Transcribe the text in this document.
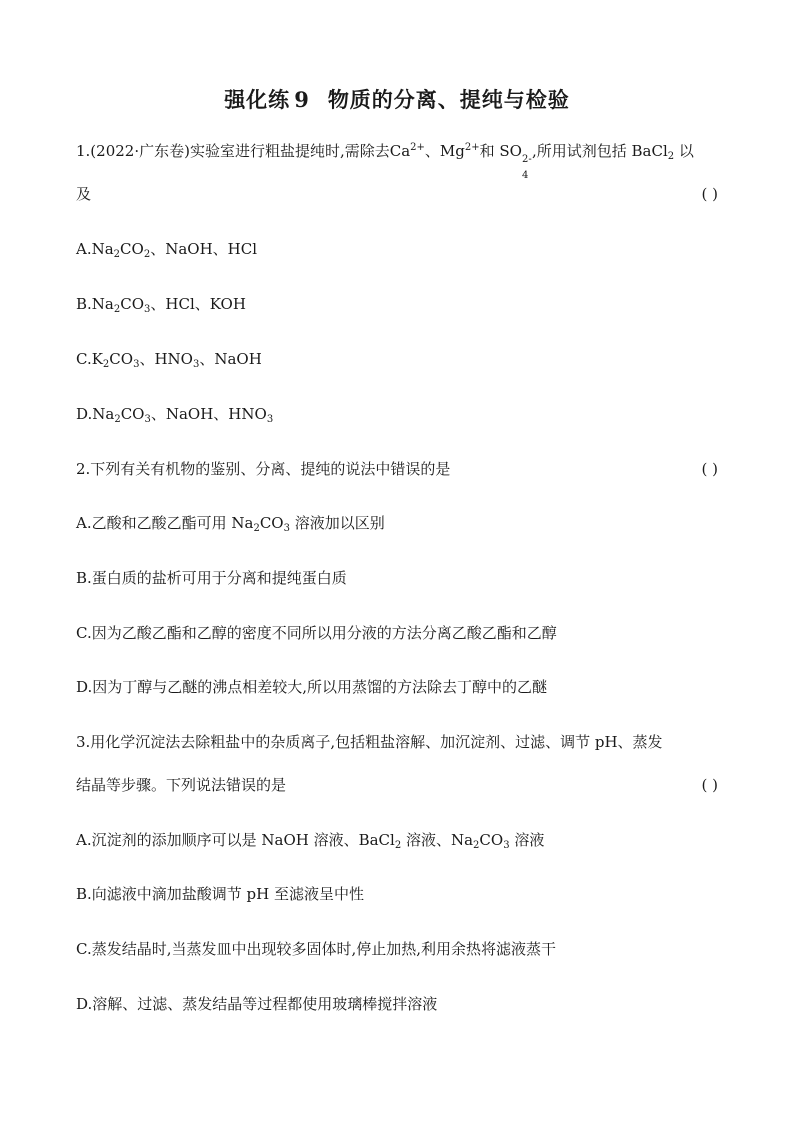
强化练 9 物质的分离、提纯与检验
1.(2022·广东卷)实验室进行粗盐提纯时,需除去$Ca^{2+}$、$Mg^{2+}$和 SO 2-
4
,所用试剂包括 BaCl$_2$ 以
及	( )
$A.Na_2CO_2$、NaOH、HCl
$B.Na_2CO_3$、HCl、KOH
$C.K_2CO_3$、$HNO_3$、NaOH
$D.Na_2CO_3$、NaOH、$HNO_3$
2.下列有关有机物的鉴别、分离、提纯的说法中错误的是	( )
A.乙酸和乙酸乙酯可用 $Na_2CO_3$ 溶液加以区别
B.蛋白质的盐析可用于分离和提纯蛋白质
C.因为乙酸乙酯和乙醇的密度不同所以用分液的方法分离乙酸乙酯和乙醇
D.因为丁醇与乙醚的沸点相差较大,所以用蒸馏的方法除去丁醇中的乙醚
3.用化学沉淀法去除粗盐中的杂质离子,包括粗盐溶解、加沉淀剂、过滤、调节 pH、蒸发
结晶等步骤。下列说法错误的是	( )
A.沉淀剂的添加顺序可以是 NaOH 溶液、BaCl$_2$ 溶液、$Na_2CO_3$ 溶液
B.向滤液中滴加盐酸调节 pH 至滤液呈中性
C.蒸发结晶时,当蒸发皿中出现较多固体时,停止加热,利用余热将滤液蒸干
D.溶解、过滤、蒸发结晶等过程都使用玻璃棒搅拌溶液
